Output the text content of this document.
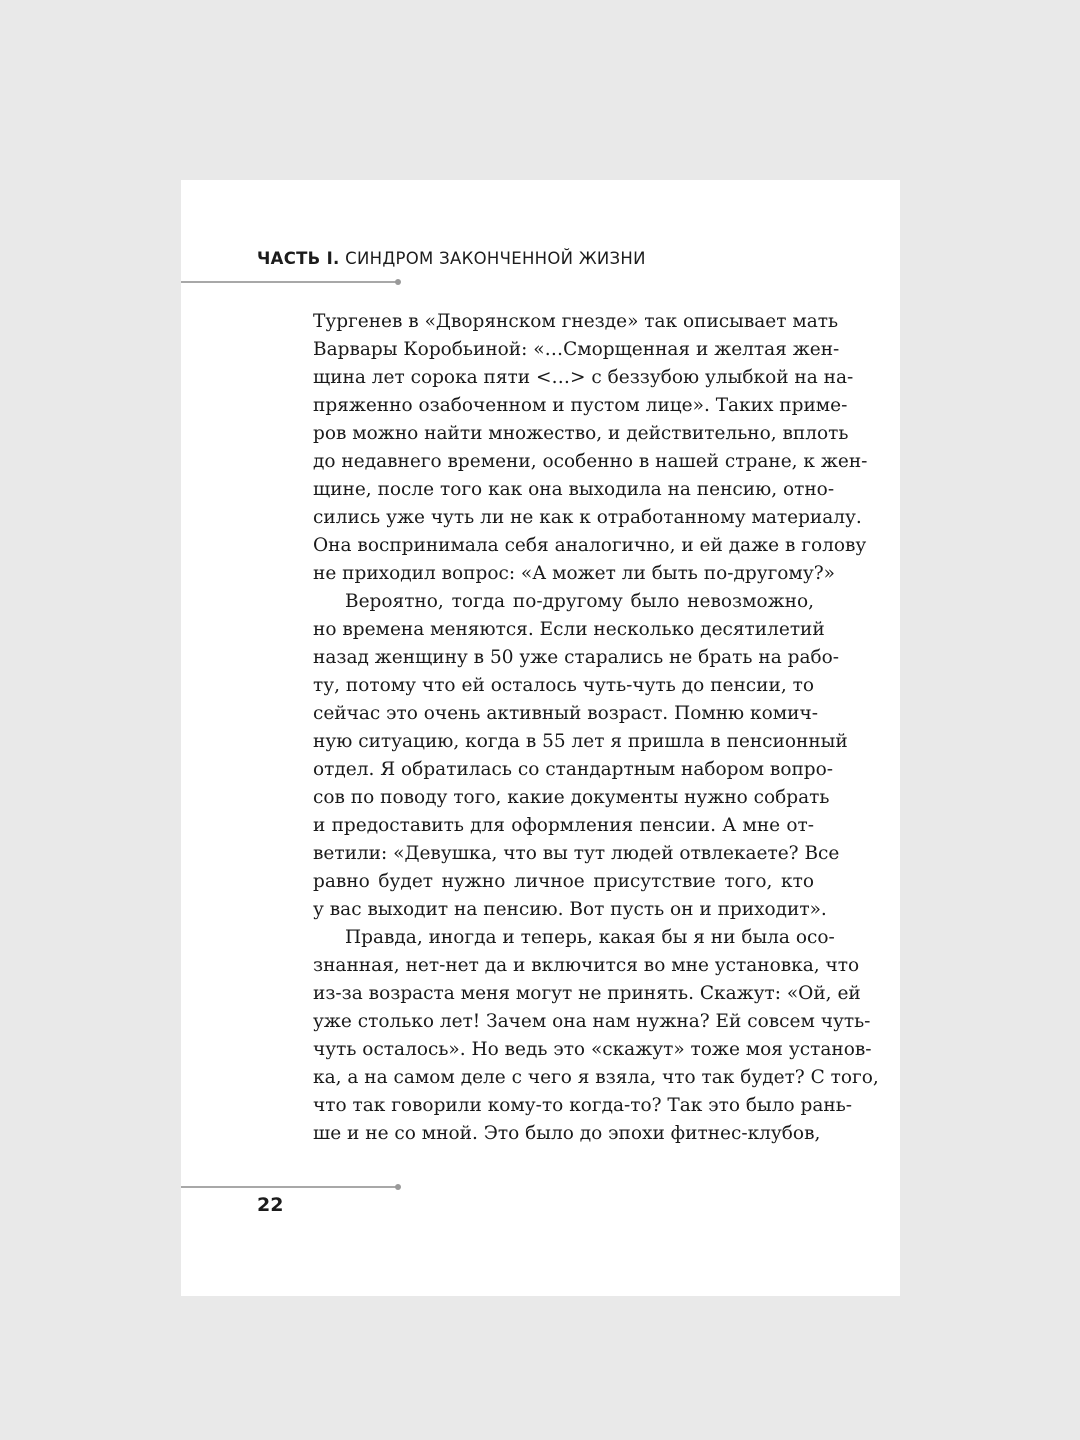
ЧАСТЬ I. СИНДРОМ ЗАКОНЧЕННОЙ ЖИЗНИ

Тургенев в «Дворянском гнезде» так описывает мать
Варвары Коробьиной: «…Сморщенная и желтая жен-
щина лет сорока пяти <…> с беззубою улыбкой на на-
пряженно озабоченном и пустом лице». Таких приме-
ров можно найти множество, и действительно, вплоть
до недавнего времени, особенно в нашей стране, к жен-
щине, после того как она выходила на пенсию, отно-
сились уже чуть ли не как к отработанному материалу.
Она воспринимала себя аналогично, и ей даже в голову
не приходил вопрос: «А может ли быть по-другому?»
Вероятно, тогда по-другому было невозможно,
но времена меняются. Если несколько десятилетий
назад женщину в 50 уже старались не брать на рабо-
ту, потому что ей осталось чуть-чуть до пенсии, то
сейчас это очень активный возраст. Помню комич-
ную ситуацию, когда в 55 лет я пришла в пенсионный
отдел. Я обратилась со стандартным набором вопро-
сов по поводу того, какие документы нужно собрать
и предоставить для оформления пенсии. А мне от-
ветили: «Девушка, что вы тут людей отвлекаете? Все
равно будет нужно личное присутствие того, кто
у вас выходит на пенсию. Вот пусть он и приходит».
Правда, иногда и теперь, какая бы я ни была осо-
знанная, нет-нет да и включится во мне установка, что
из-за возраста меня могут не принять. Скажут: «Ой, ей
уже столько лет! Зачем она нам нужна? Ей совсем чуть-
чуть осталось». Но ведь это «скажут» тоже моя установ-
ка, а на самом деле с чего я взяла, что так будет? С того,
что так говорили кому-то когда-то? Так это было рань-
ше и не со мной. Это было до эпохи фитнес-клубов,

22
